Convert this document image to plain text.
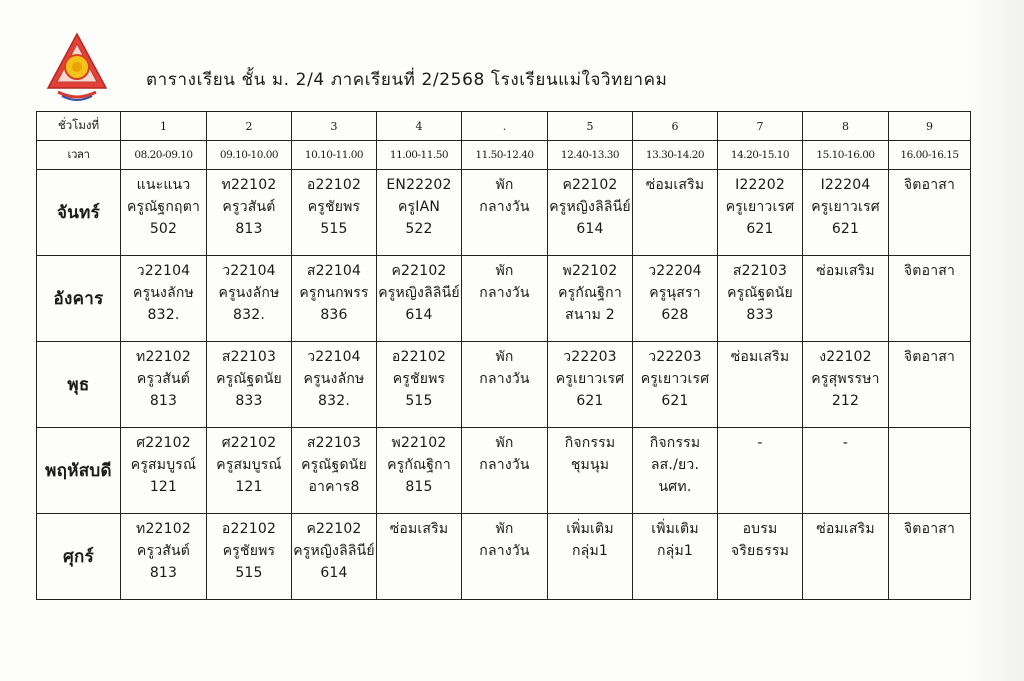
ตารางเรียน ชั้น ม. 2/4 ภาคเรียนที่ 2/2568 โรงเรียนแม่ใจวิทยาคม
ชั่วโมงที่	1	2	3	4	.	5	6	7	8	9
เวลา	08.20-09.10	09.10-10.00	10.10-11.00	11.00-11.50	11.50-12.40	12.40-13.30	13.30-14.20	14.20-15.10	15.10-16.00	16.00-16.15
จันทร์	แนะแนว
ครูณัฐกฤตา
502	ท22102
ครูวสันต์
813	อ22102
ครูชัยพร
515	EN22202
ครูIAN
522	พัก
กลางวัน	ค22102
ครูหญิงลิลินีย์
614	ซ่อมเสริม	I22202
ครูเยาวเรศ
621	I22204
ครูเยาวเรศ
621	จิตอาสา

อังคาร	ว22104
ครูนงลักษ
832.	ว22104
ครูนงลักษ
832.	ส22104
ครูกนกพรร
836	ค22102
ครูหญิงลิลินีย์
614	พัก
กลางวัน	พ22102
ครูกัณฐิกา
สนาม 2	ว22204
ครูนุสรา
628	ส22103
ครูณัฐดนัย
833	ซ่อมเสริม	จิตอาสา

พุธ	ท22102
ครูวสันต์
813	ส22103
ครูณัฐดนัย
833	ว22104
ครูนงลักษ
832.	อ22102
ครูชัยพร
515	พัก
กลางวัน	ว22203
ครูเยาวเรศ
621	ว22203
ครูเยาวเรศ
621	ซ่อมเสริม	ง22102
ครูสุพรรษา
212	จิตอาสา

พฤหัสบดี	ศ22102
ครูสมบูรณ์
121	ศ22102
ครูสมบูรณ์
121	ส22103
ครูณัฐดนัย
อาคาร8	พ22102
ครูกัณฐิกา
815	พัก
กลางวัน	กิจกรรม
ชุมนุม	กิจกรรม
ลส./ยว.
นศท.	-	-	

ศุกร์	ท22102
ครูวสันต์
813	อ22102
ครูชัยพร
515	ค22102
ครูหญิงลิลินีย์
614	ซ่อมเสริม	พัก
กลางวัน	เพิ่มเติม
กลุ่ม1	เพิ่มเติม
กลุ่ม1	อบรม
จริยธรรม	ซ่อมเสริม	จิตอาสา
